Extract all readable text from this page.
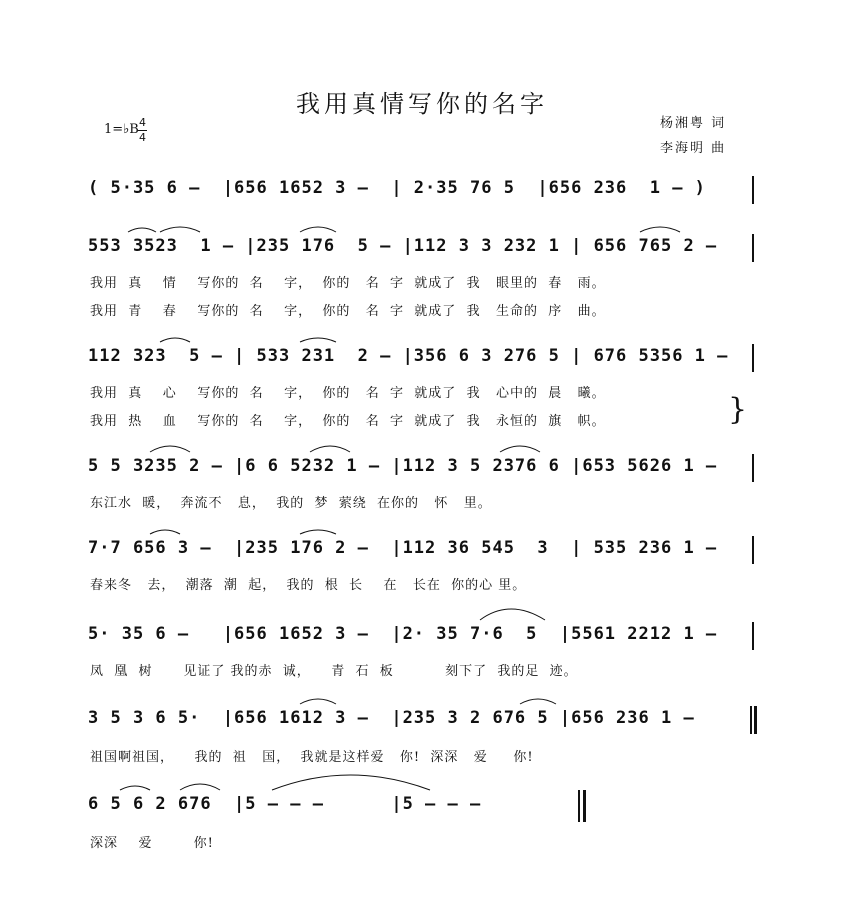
我用真情写你的名字
1=♭B 4
4
杨湘粤 词
李海明 曲
( 5·35 6 –  |656 1652 3 –  | 2·35 76 5  |656 236  1 – )
553 3523  1 – |235 176  5 – |112 3 3 232 1 | 656 765 2 –
我用  真    情    写你的  名    字，  你的   名  字  就成了  我   眼里的  春   雨。
我用  青    春    写你的  名    字，  你的   名  字  就成了  我   生命的  序   曲。
112 323  5 – | 533 231  2 – |356 6 3 276 5 | 676 5356 1 –
我用  真    心    写你的  名    字，  你的   名  字  就成了  我   心中的  晨   曦。
我用  热    血    写你的  名    字，  你的   名  字  就成了  我   永恒的  旗   帜。	}
5 5 3235 2 – |6 6 5232 1 – |112 3 5 2376 6 |653 5626 1 –
东江水  暖，  奔流不   息，  我的  梦  萦绕  在你的   怀   里。
7·7 656 3 –  |235 176 2 –  |112 36 545  3  | 535 236 1 –
春来冬   去，  潮落  潮  起，  我的  根  长    在   长在  你的心 里。
5· 35 6 –   |656 1652 3 –  |2· 35 7·6  5  |5561 2212 1 –
凤  凰  树      见证了 我的赤  诚，    青  石  板          刻下了  我的足  迹。
3 5 3 6 5·  |656 1612 3 –  |235 3 2 676 5 |656 236 1 –
祖国啊祖国，    我的  祖   国，  我就是这样爱   你!  深深   爱     你!
6 5 6 2 676  |5 – – –      |5 – – –
深深    爱        你!
